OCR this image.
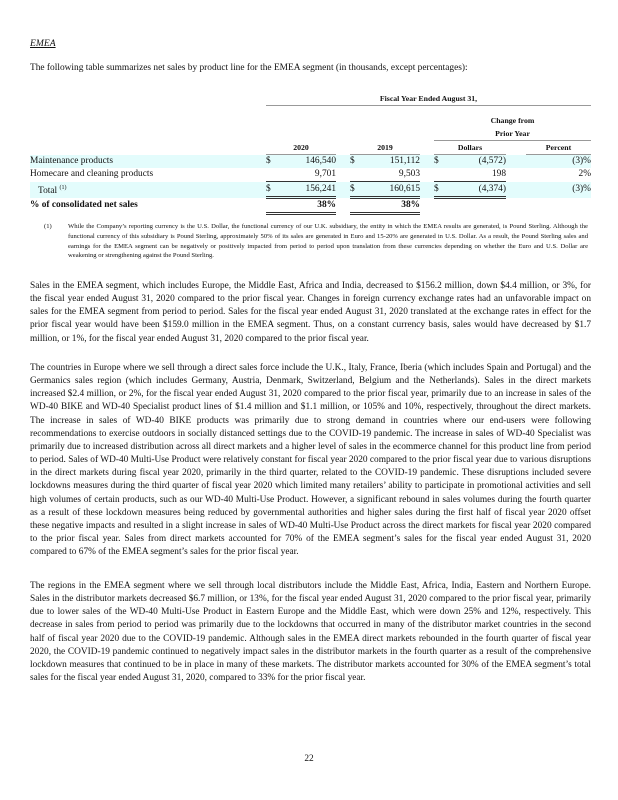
EMEA
The following table summarizes net sales by product line for the EMEA segment (in thousands, except percentages):
		Fiscal Year Ended August 31,									

								Change from			
								Prior Year			
		2020			2019			Dollars			Percent
Maintenance products		$	146,540		$	151,112		$	(4,572)		(3)%
Homecare and cleaning products			9,701			9,503			198		2%
Total $^{(1)}$		$	156,241		$	160,615		$	(4,374)		(3)%
% of consolidated net sales			38%			38%					
(1) While the Company’s reporting currency is the U.S. Dollar, the functional currency of our U.K. subsidiary, the entity in which the EMEA results are generated, is Pound Sterling. Although the functional currency of this subsidiary is Pound Sterling, approximately 50% of its sales are generated in Euro and 15-20% are generated in U.S. Dollar. As a result, the Pound Sterling sales and earnings for the EMEA segment can be negatively or positively impacted from period to period upon translation from these currencies depending on whether the Euro and U.S. Dollar are weakening or strengthening against the Pound Sterling.

Sales in the EMEA segment, which includes Europe, the Middle East, Africa and India, decreased to $156.2 million, down $4.4 million, or 3%, for the fiscal year ended August 31, 2020 compared to the prior fiscal year. Changes in foreign currency exchange rates had an unfavorable impact on sales for the EMEA segment from period to period. Sales for the fiscal year ended August 31, 2020 translated at the exchange rates in effect for the prior fiscal year would have been $159.0 million in the EMEA segment. Thus, on a constant currency basis, sales would have decreased by $1.7 million, or 1%, for the fiscal year ended August 31, 2020 compared to the prior fiscal year.

The countries in Europe where we sell through a direct sales force include the U.K., Italy, France, Iberia (which includes Spain and Portugal) and the Germanics sales region (which includes Germany, Austria, Denmark, Switzerland, Belgium and the Netherlands). Sales in the direct markets increased $2.4 million, or 2%, for the fiscal year ended August 31, 2020 compared to the prior fiscal year, primarily due to an increase in sales of the WD-40 BIKE and WD-40 Specialist product lines of $1.4 million and $1.1 million, or 105% and 10%, respectively, throughout the direct markets. The increase in sales of WD-40 BIKE products was primarily due to strong demand in countries where our end-users were following recommendations to exercise outdoors in socially distanced settings due to the COVID-19 pandemic. The increase in sales of WD-40 Specialist was primarily due to increased distribution across all direct markets and a higher level of sales in the ecommerce channel for this product line from period to period. Sales of WD-40 Multi-Use Product were relatively constant for fiscal year 2020 compared to the prior fiscal year due to various disruptions in the direct markets during fiscal year 2020, primarily in the third quarter, related to the COVID-19 pandemic. These disruptions included severe lockdowns measures during the third quarter of fiscal year 2020 which limited many retailers’ ability to participate in promotional activities and sell high volumes of certain products, such as our WD-40 Multi-Use Product. However, a significant rebound in sales volumes during the fourth quarter as a result of these lockdown measures being reduced by governmental authorities and higher sales during the first half of fiscal year 2020 offset these negative impacts and resulted in a slight increase in sales of WD-40 Multi-Use Product across the direct markets for fiscal year 2020 compared to the prior fiscal year. Sales from direct markets accounted for 70% of the EMEA segment’s sales for the fiscal year ended August 31, 2020 compared to 67% of the EMEA segment’s sales for the prior fiscal year.

The regions in the EMEA segment where we sell through local distributors include the Middle East, Africa, India, Eastern and Northern Europe. Sales in the distributor markets decreased $6.7 million, or 13%, for the fiscal year ended August 31, 2020 compared to the prior fiscal year, primarily due to lower sales of the WD-40 Multi-Use Product in Eastern Europe and the Middle East, which were down 25% and 12%, respectively. This decrease in sales from period to period was primarily due to the lockdowns that occurred in many of the distributor market countries in the second half of fiscal year 2020 due to the COVID-19 pandemic. Although sales in the EMEA direct markets rebounded in the fourth quarter of fiscal year 2020, the COVID-19 pandemic continued to negatively impact sales in the distributor markets in the fourth quarter as a result of the comprehensive lockdown measures that continued to be in place in many of these markets. The distributor markets accounted for 30% of the EMEA segment’s total sales for the fiscal year ended August 31, 2020, compared to 33% for the prior fiscal year.

22
